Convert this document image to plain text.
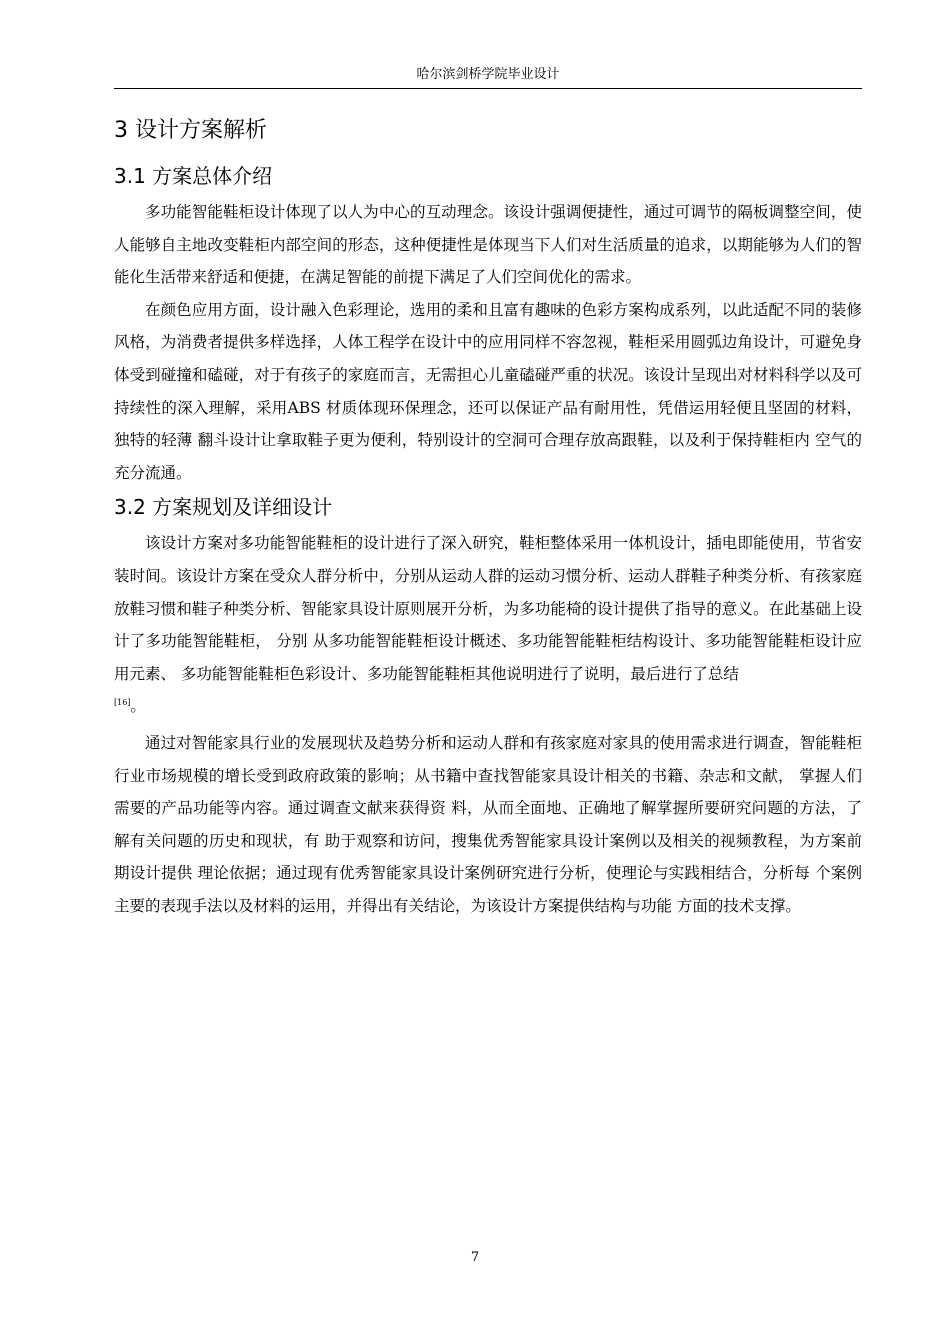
哈尔滨剑桥学院毕业设计
3 设计方案解析
3.1 方案总体介绍

多功能智能鞋柜设计体现了以人为中心的互动理念。该设计强调便捷性，通过可调节的隔板调整空间，使人能够自主地改变鞋柜内部空间的形态，这种便捷性是体现当下人们对生活质量的追求，以期能够为人们的智能化生活带来舒适和便捷，在满足智能的前提下满足了人们空间优化的需求。

在颜色应用方面，设计融入色彩理论，选用的柔和且富有趣味的色彩方案构成系列，以此适配不同的装修风格，为消费者提供多样选择，人体工程学在设计中的应用同样不容忽视，鞋柜采用圆弧边角设计，可避免身体受到碰撞和磕碰，对于有孩子的家庭而言，无需担心儿童磕碰严重的状况。该设计呈现出对材料科学以及可持续性的深入理解，采用ABS 材质体现环保理念，还可以保证产品有耐用性，凭借运用轻便且坚固的材料，独特的轻薄 翻斗设计让拿取鞋子更为便利，特别设计的空洞可合理存放高跟鞋，以及利于保持鞋柜内 空气的充分流通。

3.2 方案规划及详细设计

该设计方案对多功能智能鞋柜的设计进行了深入研究，鞋柜整体采用一体机设计，插电即能使用，节省安装时间。该设计方案在受众人群分析中，分别从运动人群的运动习惯分析、运动人群鞋子种类分析、有孩家庭放鞋习惯和鞋子种类分析、智能家具设计原则展开分析，为多功能椅的设计提供了指导的意义。在此基础上设计了多功能智能鞋柜， 分别 从多功能智能鞋柜设计概述、多功能智能鞋柜结构设计、多功能智能鞋柜设计应用元素、 多功能智能鞋柜色彩设计、多功能智能鞋柜其他说明进行了说明，最后进行了总结
[16]。

通过对智能家具行业的发展现状及趋势分析和运动人群和有孩家庭对家具的使用需求进行调查，智能鞋柜行业市场规模的增长受到政府政策的影响；从书籍中查找智能家具设计相关的书籍、杂志和文献， 掌握人们需要的产品功能等内容。通过调查文献来获得资 料，从而全面地、正确地了解掌握所要研究问题的方法，了解有关问题的历史和现状，有 助于观察和访问，搜集优秀智能家具设计案例以及相关的视频教程，为方案前期设计提供 理论依据；通过现有优秀智能家具设计案例研究进行分析，使理论与实践相结合，分析每 个案例主要的表现手法以及材料的运用，并得出有关结论，为该设计方案提供结构与功能 方面的技术支撑。

7
